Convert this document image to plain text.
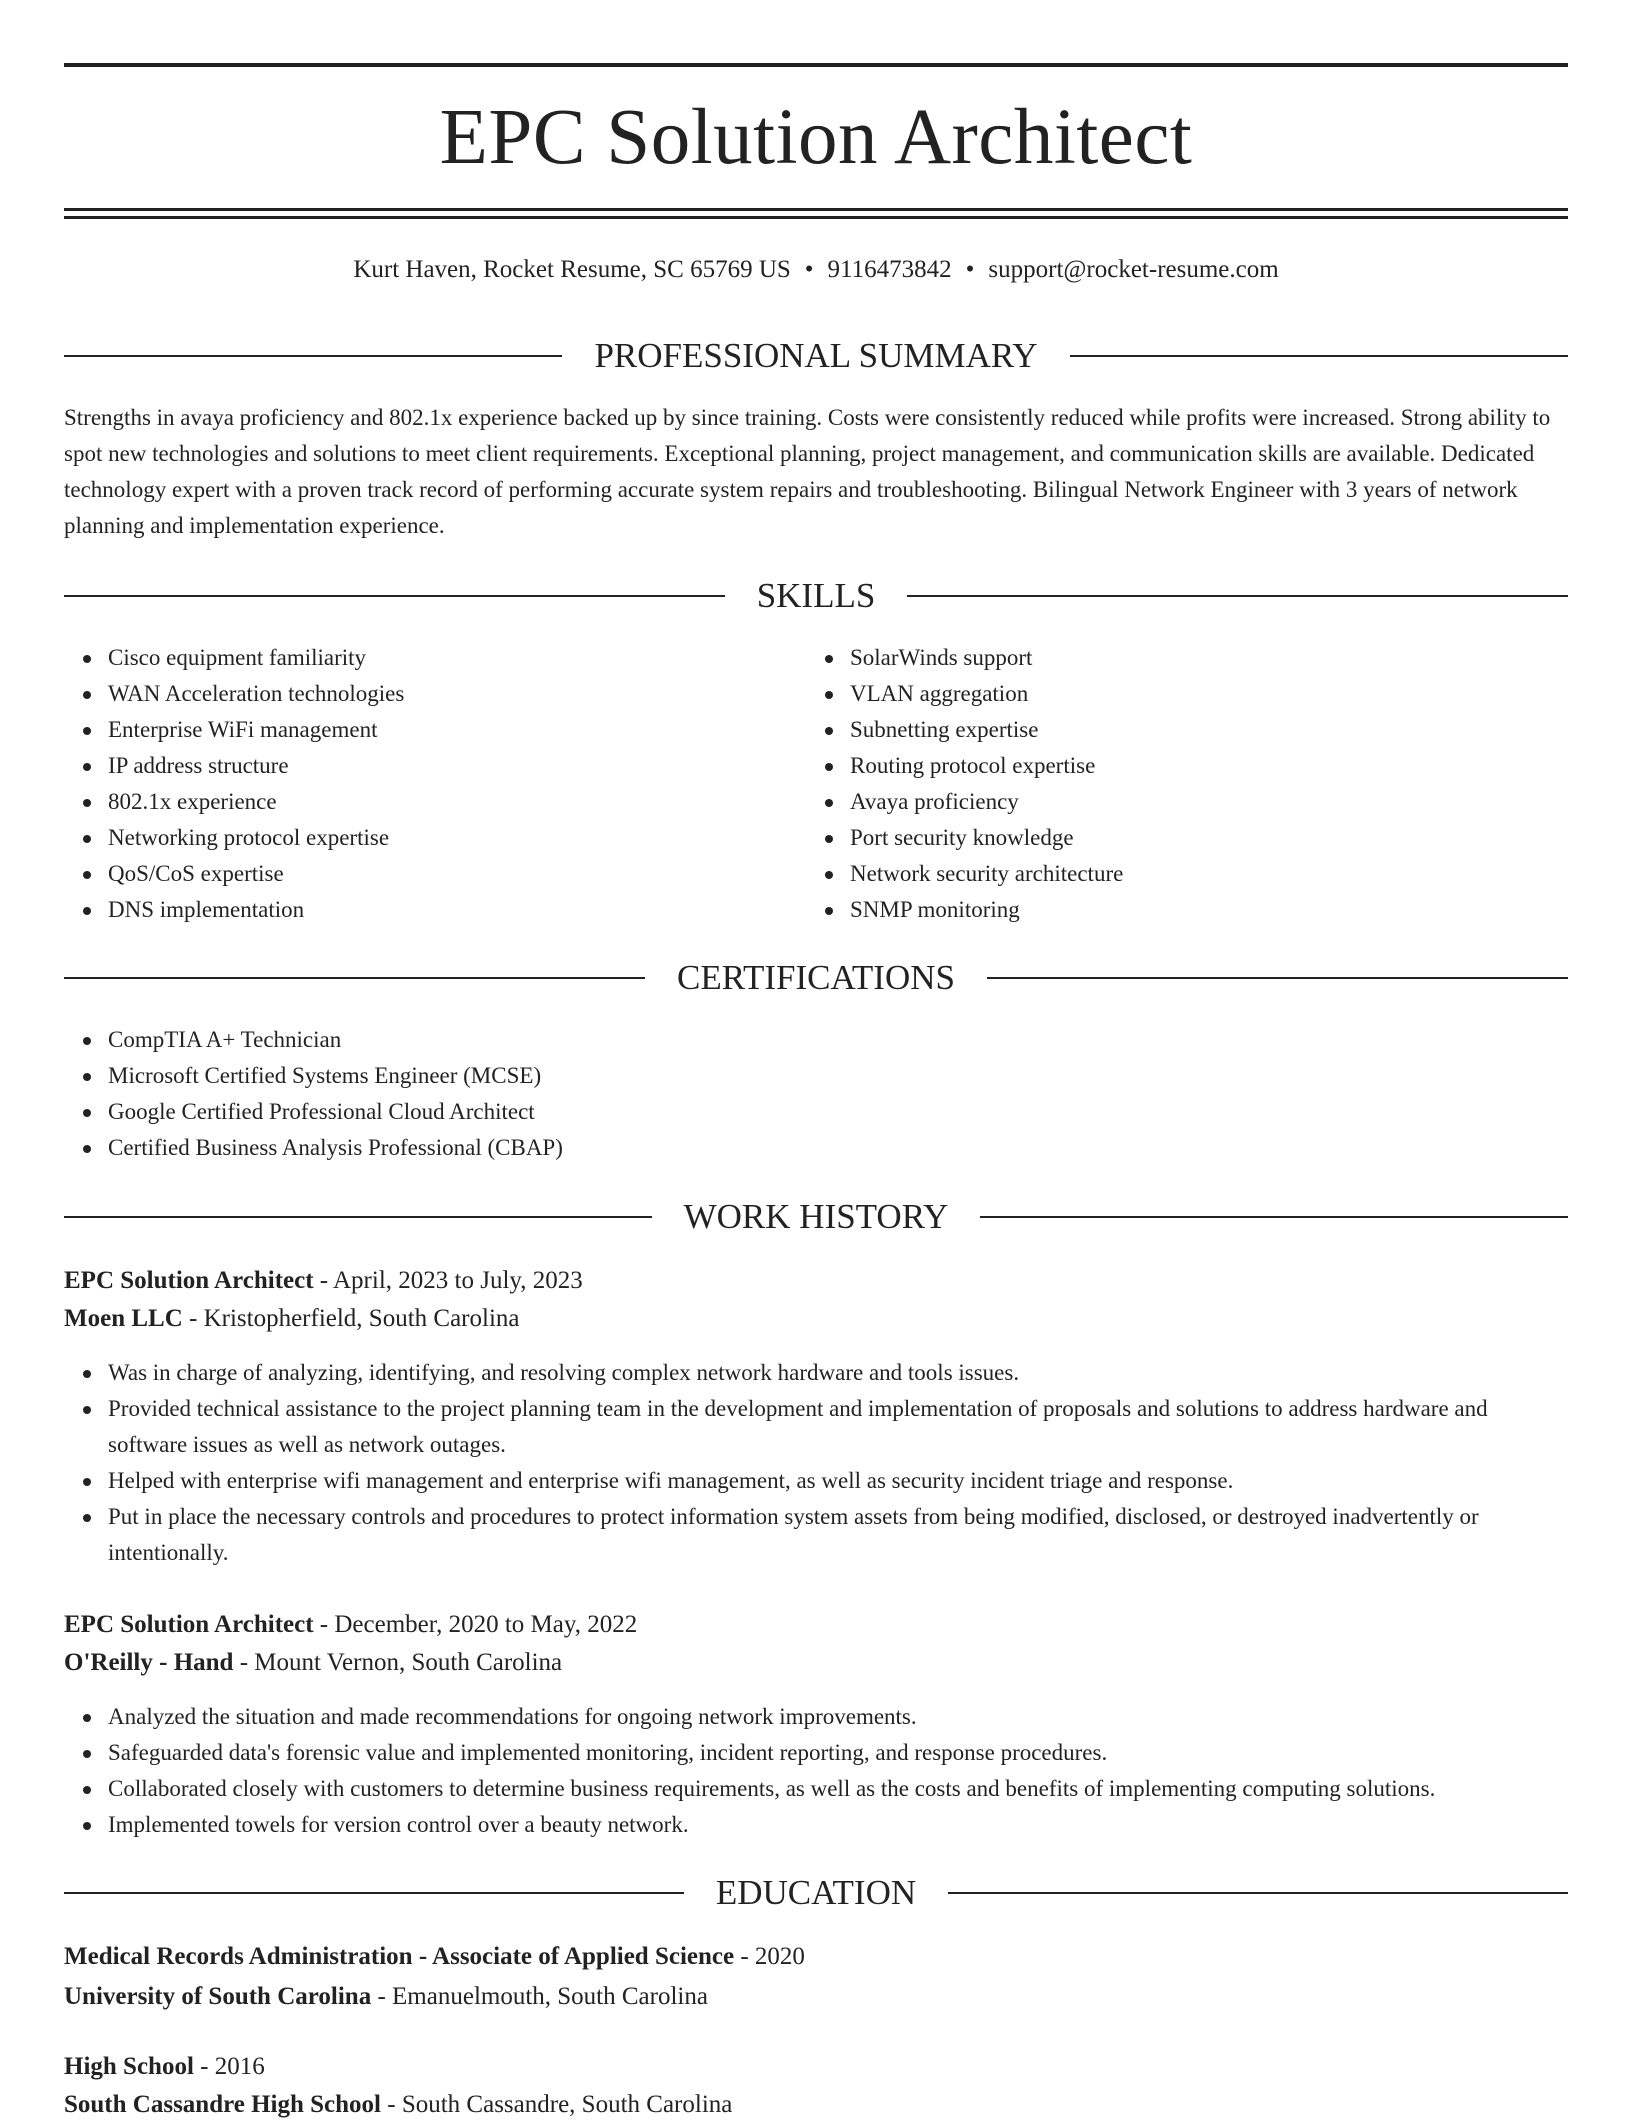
EPC Solution Architect
Kurt Haven, Rocket Resume, SC 65769 US • 9116473842 • support@rocket-resume.com
PROFESSIONAL SUMMARY

Strengths in avaya proficiency and 802.1x experience backed up by since training. Costs were consistently reduced while profits were increased. Strong ability to spot new technologies and solutions to meet client requirements. Exceptional planning, project management, and communication skills are available. Dedicated technology expert with a proven track record of performing accurate system repairs and troubleshooting. Bilingual Network Engineer with 3 years of network planning and implementation experience.

SKILLS
Cisco equipment familiarity
WAN Acceleration technologies
Enterprise WiFi management
IP address structure
802.1x experience
Networking protocol expertise
QoS/CoS expertise
DNS implementation
SolarWinds support
VLAN aggregation
Subnetting expertise
Routing protocol expertise
Avaya proficiency
Port security knowledge
Network security architecture
SNMP monitoring
CERTIFICATIONS
CompTIA A+ Technician
Microsoft Certified Systems Engineer (MCSE)
Google Certified Professional Cloud Architect
Certified Business Analysis Professional (CBAP)
WORK HISTORY
EPC Solution Architect - April, 2023 to July, 2023
Moen LLC - Kristopherfield, South Carolina
Was in charge of analyzing, identifying, and resolving complex network hardware and tools issues.
Provided technical assistance to the project planning team in the development and implementation of proposals and solutions to address hardware and software issues as well as network outages.
Helped with enterprise wifi management and enterprise wifi management, as well as security incident triage and response.
Put in place the necessary controls and procedures to protect information system assets from being modified, disclosed, or destroyed inadvertently or intentionally.
EPC Solution Architect - December, 2020 to May, 2022
O'Reilly - Hand - Mount Vernon, South Carolina
Analyzed the situation and made recommendations for ongoing network improvements.
Safeguarded data's forensic value and implemented monitoring, incident reporting, and response procedures.
Collaborated closely with customers to determine business requirements, as well as the costs and benefits of implementing computing solutions.
Implemented towels for version control over a beauty network.
EDUCATION
Medical Records Administration - Associate of Applied Science - 2020
University of South Carolina - Emanuelmouth, South Carolina
High School - 2016
South Cassandre High School - South Cassandre, South Carolina
